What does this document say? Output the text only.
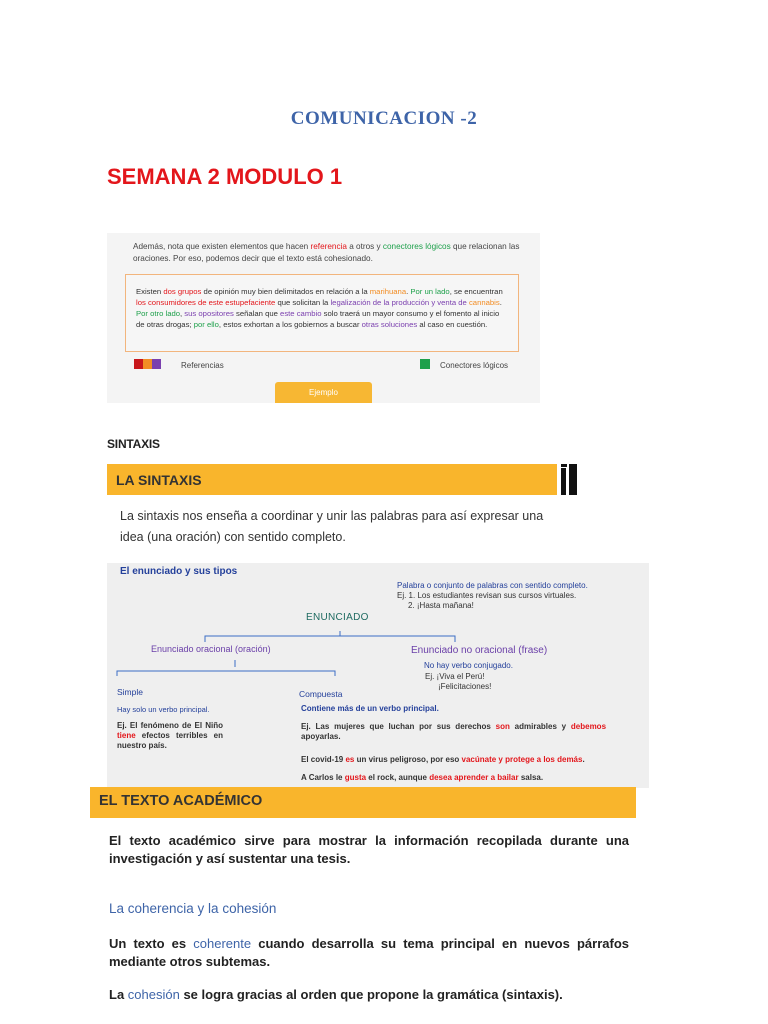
COMUNICACION -2
SEMANA 2 MODULO 1
Además, nota que existen elementos que hacen referencia a otros y conectores lógicos que relacionan las oraciones. Por eso, podemos decir que el texto está cohesionado.
Existen dos grupos de opinión muy bien delimitados en relación a la marihuana. Por un lado, se encuentran los consumidores de este estupefaciente que solicitan la legalización de la producción y venta de cannabis. Por otro lado, sus opositores señalan que este cambio solo traerá un mayor consumo y el fomento al inicio de otras drogas; por ello, estos exhortan a los gobiernos a buscar otras soluciones al caso en cuestión.
Referencias	Conectores lógicos
Ejemplo
SINTAXIS
LA SINTAXIS
La sintaxis nos enseña a coordinar y unir las palabras para así expresar una idea (una oración) con sentido completo.
El enunciado y sus tipos
Palabra o conjunto de palabras con sentido completo.
Ej. 1. Los estudiantes revisan sus cursos virtuales.
2. ¡Hasta mañana!
ENUNCIADO
Enunciado oracional (oración)	Enunciado no oracional (frase)
No hay verbo conjugado.
Ej. ¡Viva el Perú!
¡Felicitaciones!
Simple	Compuesta
Hay solo un verbo principal.
Ej. El fenómeno de El Niño tiene efectos terribles en nuestro país.
Contiene más de un verbo principal.
Ej. Las mujeres que luchan por sus derechos son admirables y debemos apoyarlas.
El covid-19 es un virus peligroso, por eso vacúnate y protege a los demás.
A Carlos le gusta el rock, aunque desea aprender a bailar salsa.
EL TEXTO ACADÉMICO
El texto académico sirve para mostrar la información recopilada durante una investigación y así sustentar una tesis.
La coherencia y la cohesión
Un texto es coherente cuando desarrolla su tema principal en nuevos párrafos mediante otros subtemas.
La cohesión se logra gracias al orden que propone la gramática (sintaxis).
